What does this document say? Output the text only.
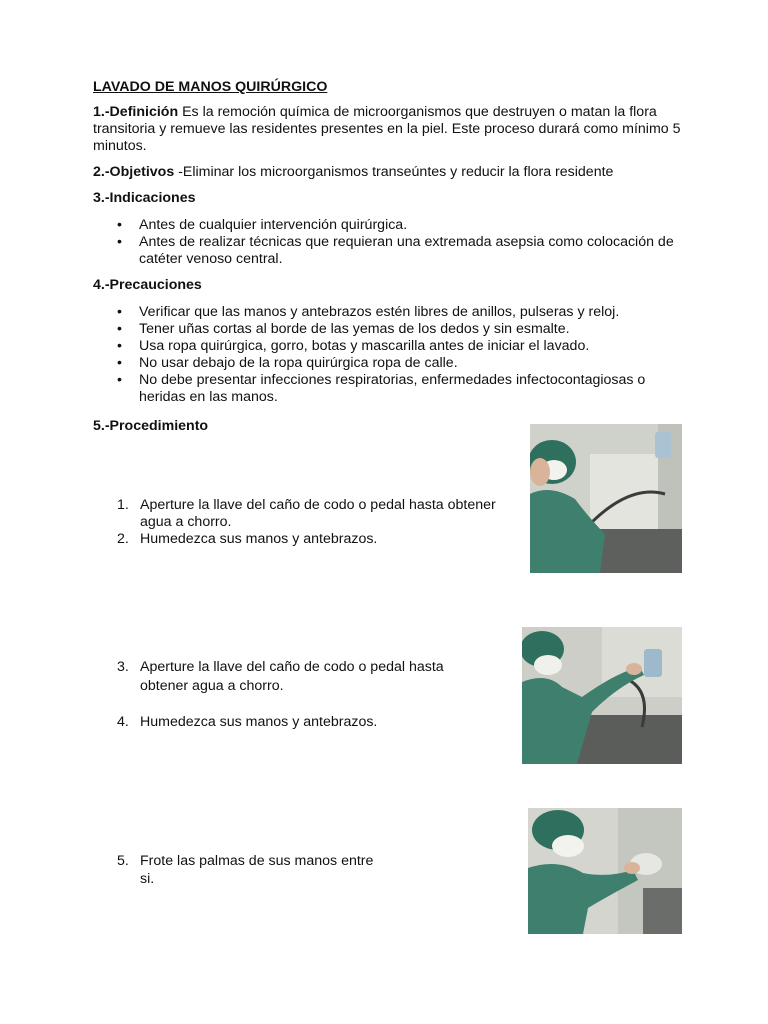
LAVADO DE MANOS QUIRÚRGICO
1.-Definición Es la remoción química de microorganismos que destruyen o matan la flora
transitoria y remueve las residentes presentes en la piel. Este proceso durará como mínimo 5
minutos.
2.-Objetivos -Eliminar los microorganismos transeúntes y reducir la flora residente
3.-Indicaciones
• Antes de cualquier intervención quirúrgica.
• Antes de realizar técnicas que requieran una extremada asepsia como colocación de
catéter venoso central.
4.-Precauciones
• Verificar que las manos y antebrazos estén libres de anillos, pulseras y reloj.
• Tener uñas cortas al borde de las yemas de los dedos y sin esmalte.
• Usa ropa quirúrgica, gorro, botas y mascarilla antes de iniciar el lavado.
• No usar debajo de la ropa quirúrgica ropa de calle.
• No debe presentar infecciones respiratorias, enfermedades infectocontagiosas o
heridas en las manos.
5.-Procedimiento
1. Aperture la llave del caño de codo o pedal hasta obtener
agua a chorro.
2. Humedezca sus manos y antebrazos.
3. Aperture la llave del caño de codo o pedal hasta
obtener agua a chorro.
4. Humedezca sus manos y antebrazos.
5. Frote las palmas de sus manos entre
si.
